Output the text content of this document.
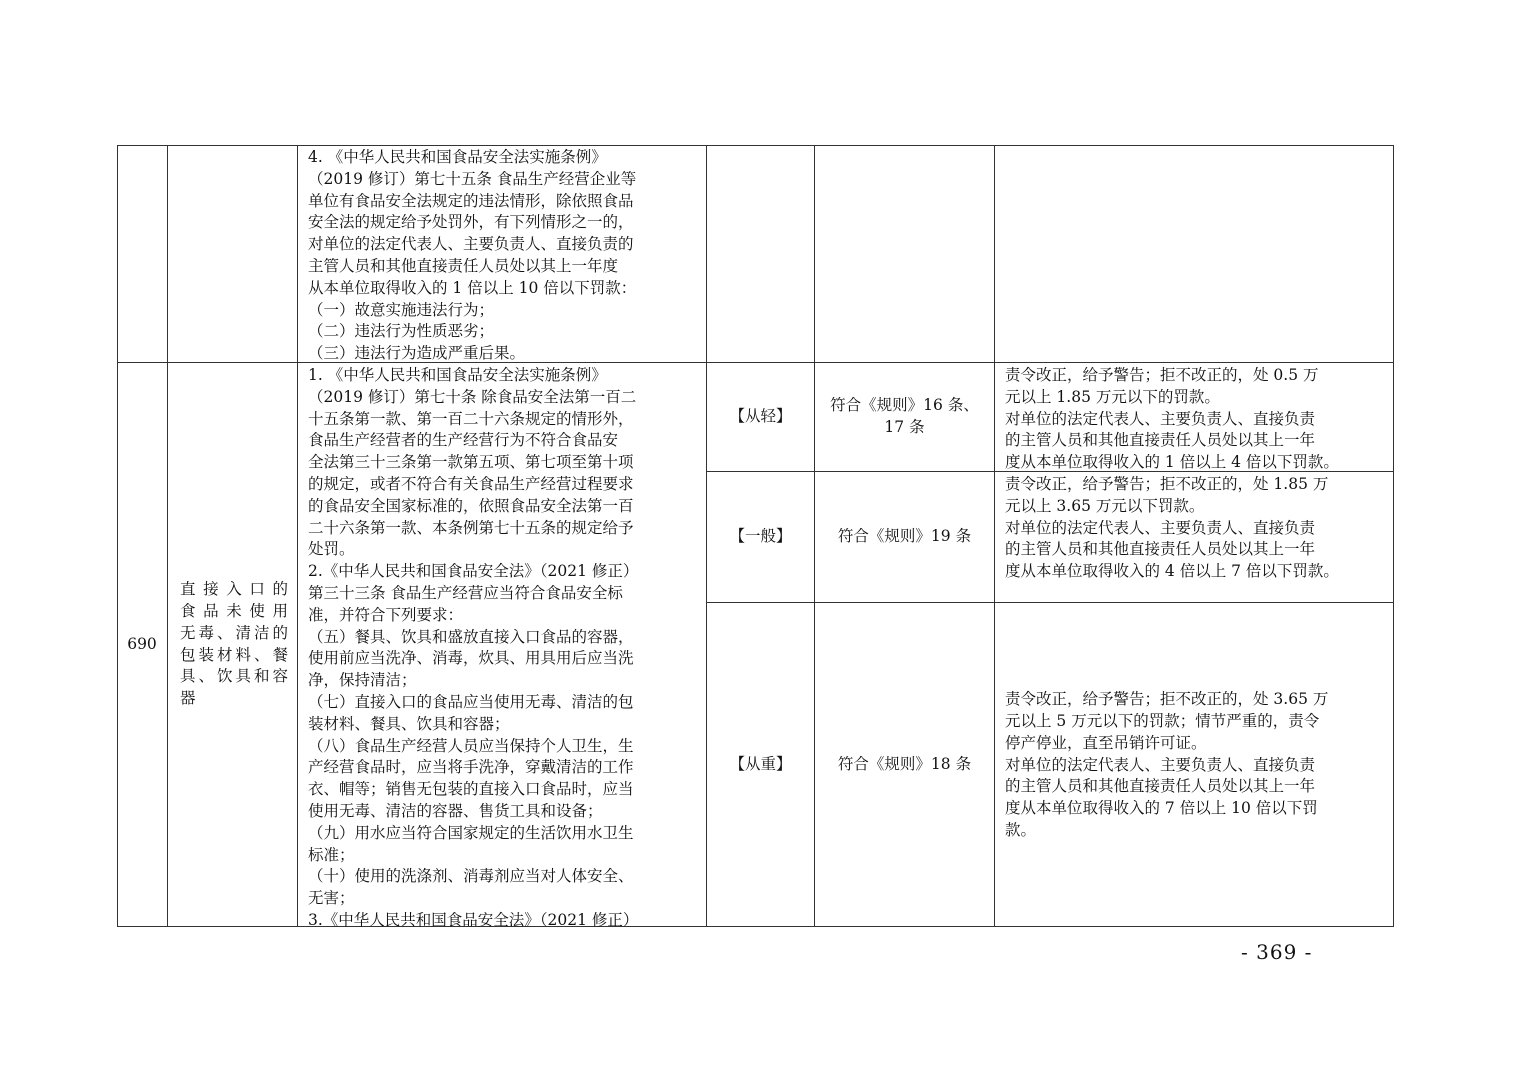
4. 《中华人民共和国食品安全法实施条例》
（2019 修订）第七十五条 食品生产经营企业等
单位有食品安全法规定的违法情形，除依照食品
安全法的规定给予处罚外，有下列情形之一的，
对单位的法定代表人、主要负责人、直接负责的
主管人员和其他直接责任人员处以其上一年度
从本单位取得收入的 1 倍以上 10 倍以下罚款：
（一）故意实施违法行为；
（二）违法行为性质恶劣；
（三）违法行为造成严重后果。
690
直接入口的
食品未使用
无毒、清洁的
包装材料、餐
具、饮具和容
器
1. 《中华人民共和国食品安全法实施条例》
（2019 修订）第七十条 除食品安全法第一百二
十五条第一款、第一百二十六条规定的情形外，
食品生产经营者的生产经营行为不符合食品安
全法第三十三条第一款第五项、第七项至第十项
的规定，或者不符合有关食品生产经营过程要求
的食品安全国家标准的，依照食品安全法第一百
二十六条第一款、本条例第七十五条的规定给予
处罚。
2.《中华人民共和国食品安全法》（2021 修正）
第三十三条 食品生产经营应当符合食品安全标
准，并符合下列要求：
（五）餐具、饮具和盛放直接入口食品的容器，
使用前应当洗净、消毒，炊具、用具用后应当洗
净，保持清洁；
（七）直接入口的食品应当使用无毒、清洁的包
装材料、餐具、饮具和容器；
（八）食品生产经营人员应当保持个人卫生，生
产经营食品时，应当将手洗净，穿戴清洁的工作
衣、帽等；销售无包装的直接入口食品时，应当
使用无毒、清洁的容器、售货工具和设备；
（九）用水应当符合国家规定的生活饮用水卫生
标准；
（十）使用的洗涤剂、消毒剂应当对人体安全、
无害；
3.《中华人民共和国食品安全法》（2021 修正）
【从轻】
符合《规则》16 条、
17 条
责令改正，给予警告；拒不改正的，处 0.5 万
元以上 1.85 万元以下的罚款。
对单位的法定代表人、主要负责人、直接负责
的主管人员和其他直接责任人员处以其上一年
度从本单位取得收入的 1 倍以上 4 倍以下罚款。
【一般】	符合《规则》19 条
责令改正，给予警告；拒不改正的，处 1.85 万
元以上 3.65 万元以下罚款。
对单位的法定代表人、主要负责人、直接负责
的主管人员和其他直接责任人员处以其上一年
度从本单位取得收入的 4 倍以上 7 倍以下罚款。
【从重】	符合《规则》18 条
责令改正，给予警告；拒不改正的，处 3.65 万
元以上 5 万元以下的罚款；情节严重的，责令
停产停业，直至吊销许可证。
对单位的法定代表人、主要负责人、直接负责
的主管人员和其他直接责任人员处以其上一年
度从本单位取得收入的 7 倍以上 10 倍以下罚
款。
- 369 -
